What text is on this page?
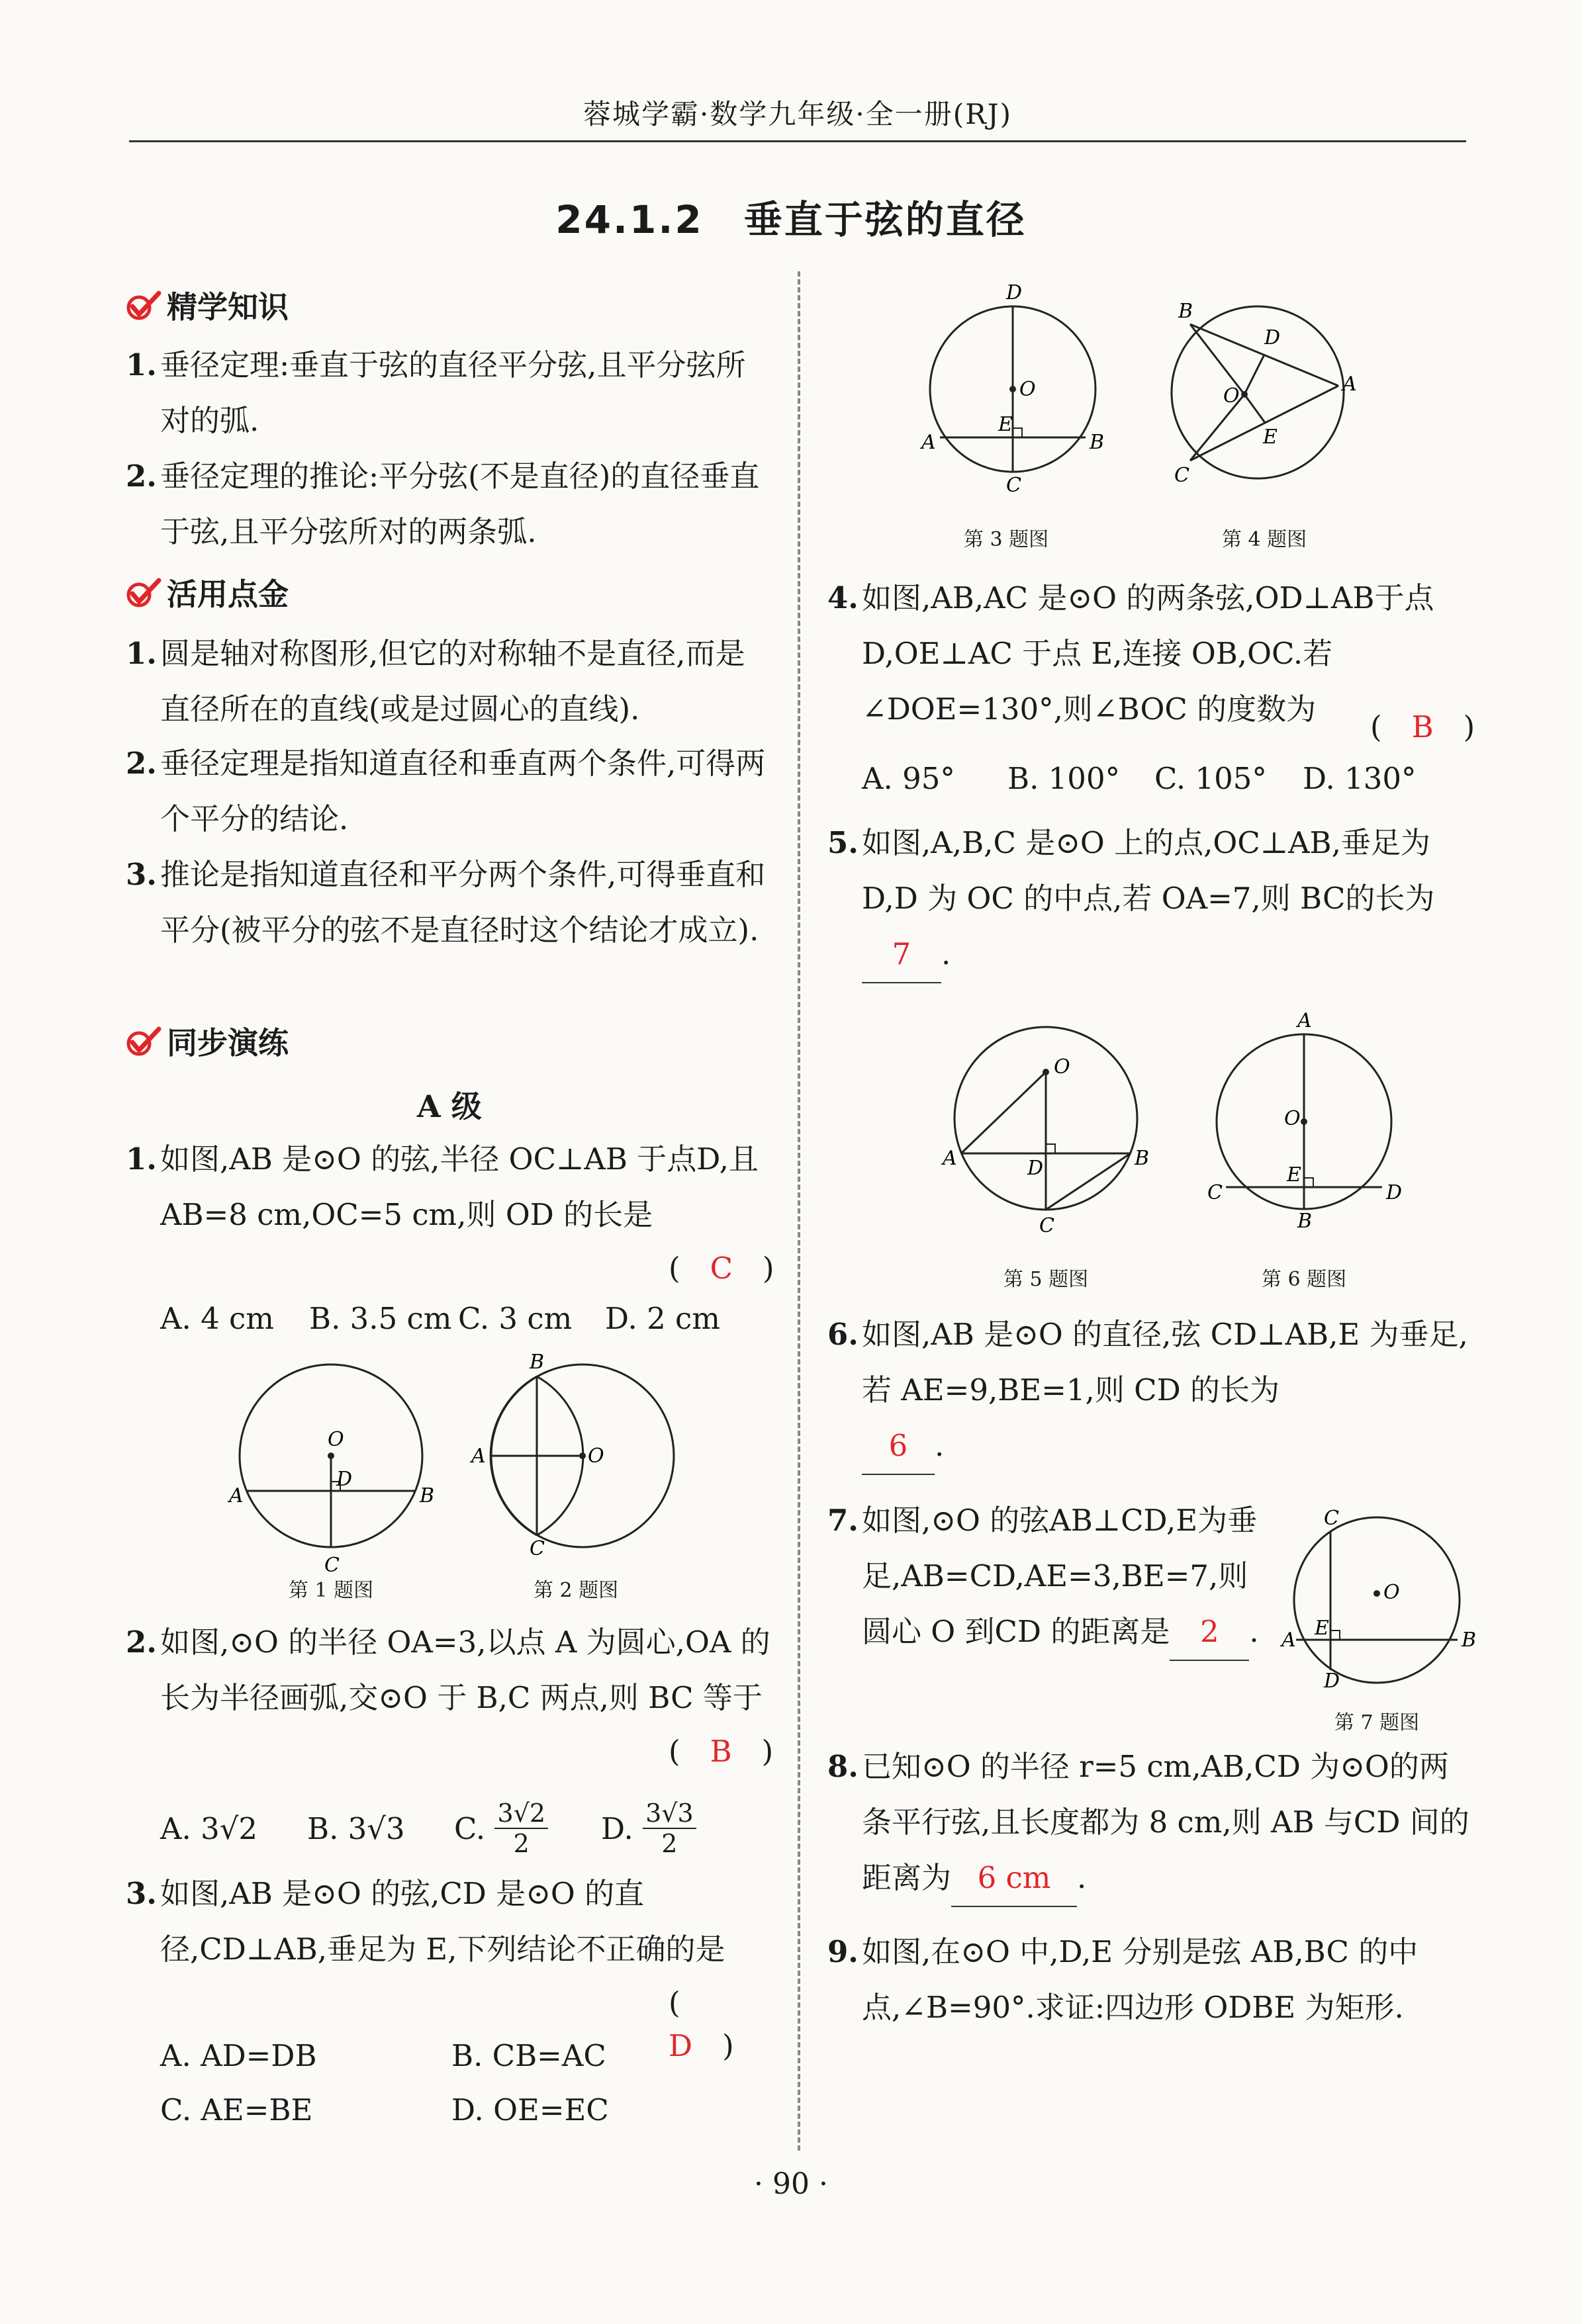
蓉城学霸·数学九年级·全一册(RJ)
24.1.2　垂直于弦的直径
精学知识
1. 垂径定理:垂直于弦的直径平分弦,且平分弦所对的弧.
2. 垂径定理的推论:平分弦(不是直径)的直径垂直于弦,且平分弦所对的两条弧.
活用点金
1. 圆是轴对称图形,但它的对称轴不是直径,而是直径所在的直线(或是过圆心的直线).
2. 垂径定理是指知道直径和垂直两个条件,可得两个平分的结论.
3. 推论是指知道直径和平分两个条件,可得垂直和平分(被平分的弦不是直径时这个结论才成立).
同步演练
A 级
1. 如图,AB 是⊙O 的弦,半径 OC⊥AB 于点D,且 AB=8 cm,OC=5 cm,则 OD 的长是
(　C　)
A. 4 cm	B. 3.5 cm C. 3 cm	D. 2 cm
O
D
A	B
C
第 1 题图
B
A	O
C
第 2 题图
2. 如图,⊙O 的半径 OA=3,以点 A 为圆心,OA 的长为半径画弧,交⊙O 于 B,C 两点,则 BC 等于
(　B　)
A. 3√2	B. 3√3	C.
$\frac{3√2}{2} D$.
$\frac{3√3}{2}$
3. 如图,AB 是⊙O 的弦,CD 是⊙O 的直径,CD⊥AB,垂足为 E,下列结论不正确的是
(　D　)
A. AD=DB	B. CB=AC
C. AE=BE	D. OE=EC
D
O
E
A	B
C
第 3 题图
B
D
O
A
E
C
第 4 题图
4. 如图,AB,AC 是⊙O 的两条弦,OD⊥AB于点 D,OE⊥AC 于点 E,连接 OB,OC.若∠DOE=130°,则∠BOC 的度数为
(　B　)
A. 95°	B. 100°	C. 105°	D. 130°
5. 如图,A,B,C 是⊙O 上的点,OC⊥AB,垂足为 D,D 为 OC 的中点,若 OA=7,则 BC的长为7 .
O
A	D	B
C
第 5 题图
A
O
E
C	D
B
第 6 题图
6. 如图,AB 是⊙O 的直径,弦 CD⊥AB,E 为垂足,若 AE=9,BE=1,则 CD 的长为
6 .
7. 如图,⊙O 的弦AB⊥CD,E为垂足,AB=CD,AE=3,BE=7,则圆心 O 到CD 的距离是 2 .
C
O
E
A	B
D
第 7 题图
8. 已知⊙O 的半径 r=5 cm,AB,CD 为⊙O的两条平行弦,且长度都为 8 cm,则 AB 与CD 间的距离为 6 cm .
9. 如图,在⊙O 中,D,E 分别是弦 AB,BC 的中点,∠B=90°.求证:四边形 ODBE 为矩形.
· 90 ·
